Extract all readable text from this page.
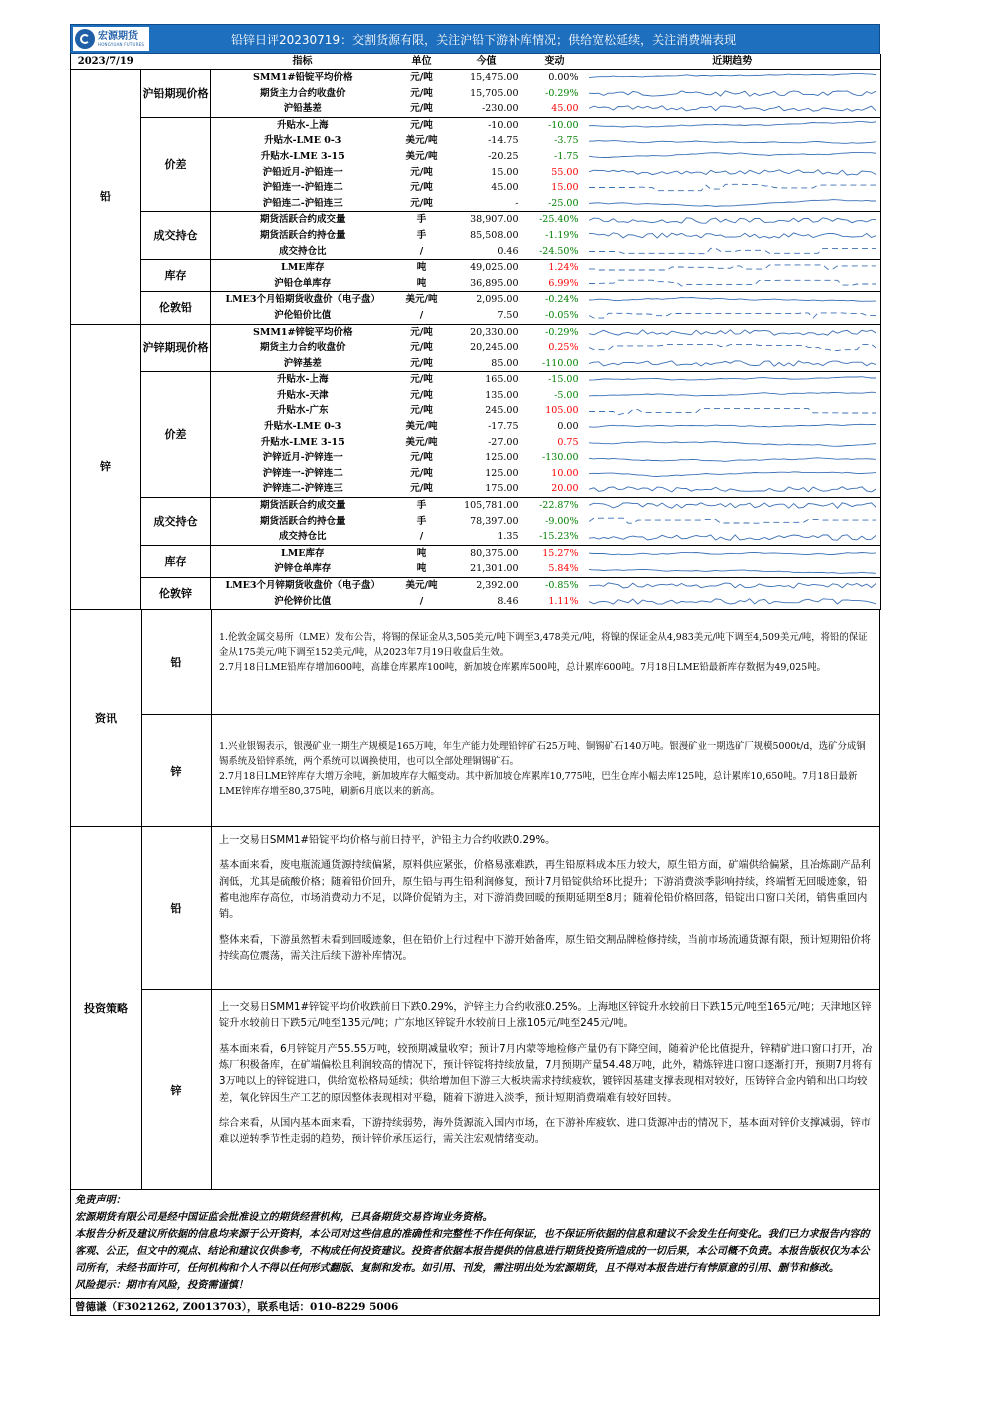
宏源期货
HONGYUAN FUTURES	铅锌日评20230719：交割货源有限，关注沪铅下游补库情况；供给宽松延续，关注消费端表现
2023/7/19		指标	单位	今值	变动	近期趋势
铅	沪铅期现价格	SMM1#铅锭平均价格	元/吨	15,475.00	0.00%	

		期货主力合约收盘价	元/吨	15,705.00	-0.29%	

		沪铅基差	元/吨	-230.00	45.00	

	价差	升贴水-上海	元/吨	-10.00	-10.00	

		升贴水-LME 0-3	美元/吨	-14.75	-3.75	

		升贴水-LME 3-15	美元/吨	-20.25	-1.75	

		沪铅近月-沪铅连一	元/吨	15.00	55.00	

		沪铅连一-沪铅连二	元/吨	45.00	15.00	

		沪铅连二-沪铅连三	元/吨	-	-25.00	

	成交持仓	期货活跃合约成交量	手	38,907.00	-25.40%	

		期货活跃合约持仓量	手	85,508.00	-1.19%	

		成交持仓比	/	0.46	-24.50%	

	库存	LME库存	吨	49,025.00	1.24%	

		沪铅仓单库存	吨	36,895.00	6.99%	

	伦敦铅	LME3个月铅期货收盘价（电子盘）	美元/吨	2,095.00	-0.24%	

		沪伦铅价比值	/	7.50	-0.05%	

锌	沪锌期现价格	SMM1#锌锭平均价格	元/吨	20,330.00	-0.29%	

		期货主力合约收盘价	元/吨	20,245.00	0.25%	

		沪锌基差	元/吨	85.00	-110.00	

	价差	升贴水-上海	元/吨	165.00	-15.00	

		升贴水-天津	元/吨	135.00	-5.00	

		升贴水-广东	元/吨	245.00	105.00	

		升贴水-LME 0-3	美元/吨	-17.75	0.00	

		升贴水-LME 3-15	美元/吨	-27.00	0.75	

		沪锌近月-沪锌连一	元/吨	125.00	-130.00	

		沪锌连一-沪锌连二	元/吨	125.00	10.00	

		沪锌连二-沪锌连三	元/吨	175.00	20.00	

	成交持仓	期货活跃合约成交量	手	105,781.00	-22.87%	

		期货活跃合约持仓量	手	78,397.00	-9.00%	

		成交持仓比	/	1.35	-15.23%	

	库存	LME库存	吨	80,375.00	15.27%	

		沪锌仓单库存	吨	21,301.00	5.84%	

	伦敦锌	LME3个月锌期货收盘价（电子盘）	美元/吨	2,392.00	-0.85%	

		沪伦锌价比值	/	8.46	1.11%	
资讯
铅
1.伦敦金属交易所（LME）发布公告，将锡的保证金从3,505美元/吨下调至3,478美元/吨，将镍的保证金从4,983美元/吨下调至4,509美元/吨，将铅的保证金从175美元/吨下调至152美元/吨，从2023年7月19日收盘后生效。
2.7月18日LME铅库存增加600吨，高雄仓库累库100吨，新加坡仓库累库500吨，总计累库600吨。7月18日LME铅最新库存数据为49,025吨。
锌
1.兴业银锡表示，银漫矿业一期生产规模是165万吨，年生产能力处理铅锌矿石25万吨、铜锡矿石140万吨。银漫矿业一期选矿厂规模5000t/d，选矿分成铜锡系统及铅锌系统，两个系统可以调换使用，也可以全部处理铜锡矿石。
2.7月18日LME锌库存大增万余吨，新加坡库存大幅变动。其中新加坡仓库累库10,775吨，巴生仓库小幅去库125吨，总计累库10,650吨。7月18日最新LME锌库存增至80,375吨，刷新6月底以来的新高。
投资策略
铅

上一交易日SMM1#铅锭平均价格与前日持平，沪铅主力合约收跌0.29%。

基本面来看，废电瓶流通货源持续偏紧，原料供应紧张，价格易涨难跌，再生铅原料成本压力较大，原生铅方面，矿端供给偏紧，且冶炼副产品利润低，尤其是硫酸价格；随着铅价回升，原生铅与再生铅利润修复，预计7月铅锭供给环比提升；下游消费淡季影响持续，终端暂无回暖迹象，铅蓄电池库存高位，市场消费动力不足，以降价促销为主，对下游消费回暖的预期延期至8月；随着伦铅价格回落，铅锭出口窗口关闭，销售重回内销。

整体来看，下游虽然暂未看到回暖迹象，但在铅价上行过程中下游开始备库，原生铅交割品牌检修持续，当前市场流通货源有限，预计短期铅价将持续高位震荡，需关注后续下游补库情况。

锌

上一交易日SMM1#锌锭平均价收跌前日下跌0.29%，沪锌主力合约收涨0.25%。上海地区锌锭升水较前日下跌15元/吨至165元/吨；天津地区锌锭升水较前日下跌5元/吨至135元/吨；广东地区锌锭升水较前日上涨105元/吨至245元/吨。

基本面来看，6月锌锭月产55.55万吨，较预期减量收窄；预计7月内蒙等地检修产量仍有下降空间，随着沪伦比值提升，锌精矿进口窗口打开，冶炼厂积极备库，在矿端偏松且利润较高的情况下，预计锌锭将持续放量，7月预期产量54.48万吨，此外，精炼锌进口窗口逐渐打开，预期7月将有3万吨以上的锌锭进口，供给宽松格局延续；供给增加但下游三大板块需求持续疲软，镀锌因基建支撑表现相对较好，压铸锌合金内销和出口均较差，氧化锌因生产工艺的原因整体表现相对平稳，随着下游进入淡季，预计短期消费端难有较好回转。

综合来看，从国内基本面来看，下游持续弱势，海外货源流入国内市场，在下游补库疲软、进口货源冲击的情况下，基本面对锌价支撑减弱，锌市难以逆转季节性走弱的趋势，预计锌价承压运行，需关注宏观情绪变动。

免责声明：
宏源期货有限公司是经中国证监会批准设立的期货经营机构，已具备期货交易咨询业务资格。
本报告分析及建议所依据的信息均来源于公开资料，本公司对这些信息的准确性和完整性不作任何保证，也不保证所依据的信息和建议不会发生任何变化。我们已力求报告内容的客观、公正，但文中的观点、结论和建议仅供参考，不构成任何投资建议。投资者依据本报告提供的信息进行期货投资所造成的一切后果，本公司概不负责。本报告版权仅为本公司所有，未经书面许可，任何机构和个人不得以任何形式翻版、复制和发布。如引用、刊发，需注明出处为宏源期货，且不得对本报告进行有悖原意的引用、删节和修改。
风险提示：期市有风险，投资需谨慎！
曾德谦（F3021262, Z0013703），联系电话：010-8229 5006
